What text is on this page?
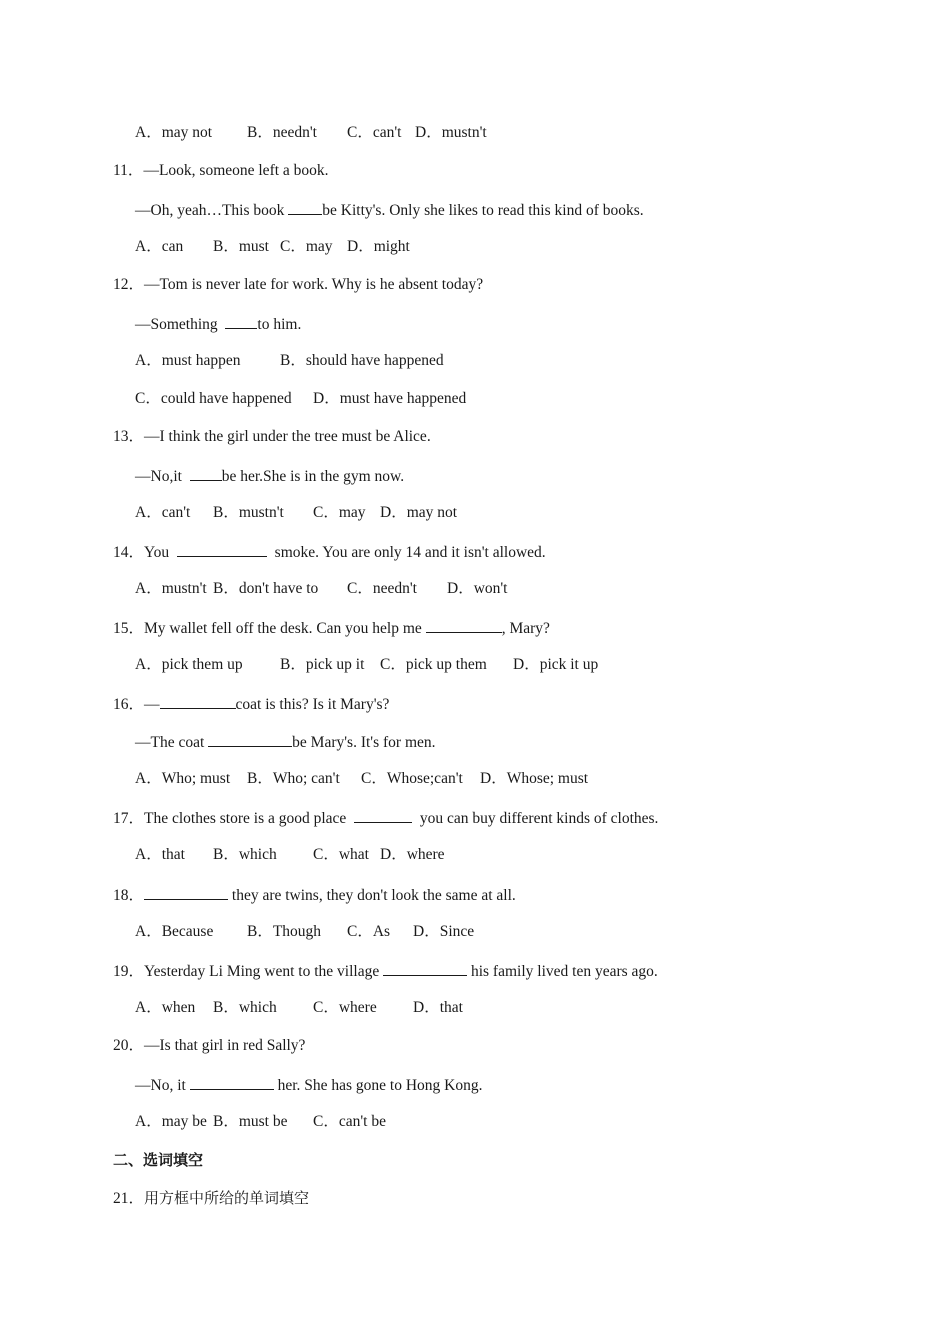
A．may not

B．needn't

C．can't

D．mustn't

11．—Look, someone left a book.
—Oh, yeah…This book be Kitty's. Only she likes to read this kind of books.

A．can

B．must

C．may

D．might

12．—Tom is never late for work. Why is he absent today?
—Something	to him.

A．must happen

	B．should have happened

C．could have happened

D．must have happened

13．—I think the girl under the tree must be Alice.
—No,it	be her.She is in the gym now.

A．can't

B．mustn't

C．may

D．may not

14．You	smoke. You are only 14 and it isn't allowed.

A．mustn't

B．don't have to

C．needn't

D．won't

15．My wallet fell off the desk. Can you help me	, Mary?

A．pick them up

B．pick up it

C．pick up them

D．pick it up

16．—	coat is this? Is it Mary's?
—The coat	be Mary's. It's for men.

A．Who; must

B．Who; can't

C．Whose;can't

D．Whose; must

17．The clothes store is a good place	you can buy different kinds of clothes.

A．that

B．which

C．what

D．where

18．	they are twins, they don't look the same at all.

A．Because

B．Though

C．As

D．Since

19．Yesterday Li Ming went to the village	his family lived ten years ago.

A．when

B．which

C．where

D．that

20．—Is that girl in red Sally?
—No, it	her. She has gone to Hong Kong.

A．may be

B．must be

C．can't be

二、选词填空
21．用方框中所给的单词填空
